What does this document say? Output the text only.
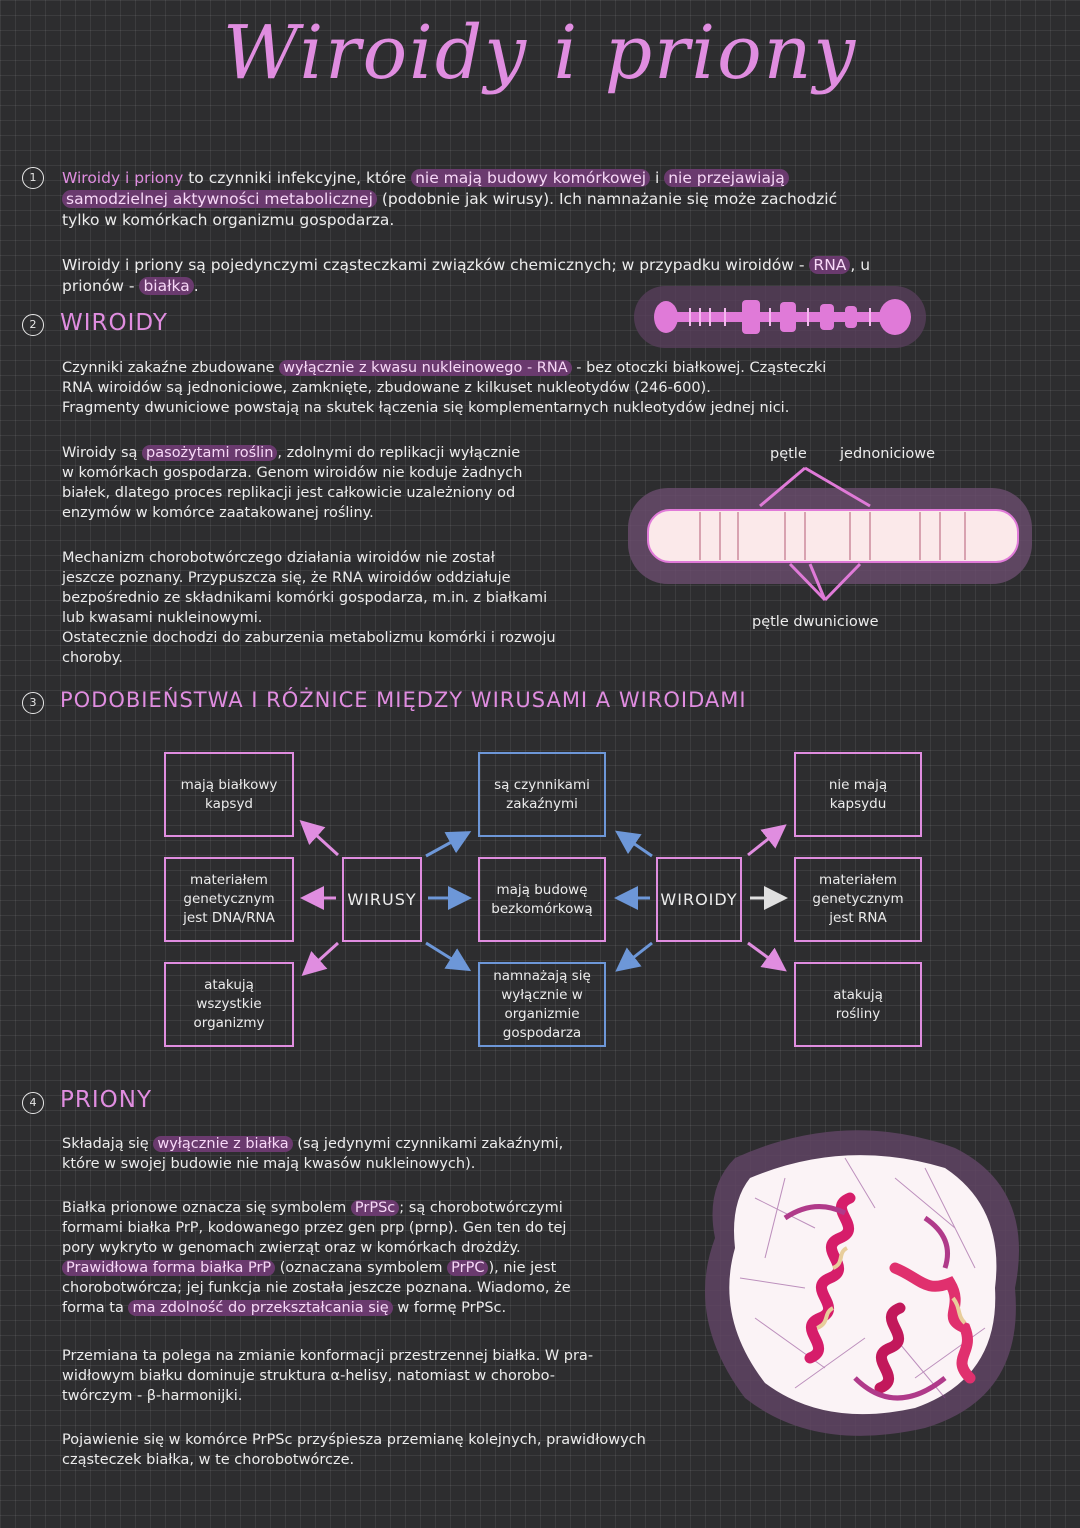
Wiroidy i priony
1	Wiroidy i priony to czynniki infekcyjne, które nie mają budowy komórkowej i nie przejawiają
samodzielnej aktywności metabolicznej (podobnie jak wirusy). Ich namnażanie się może zachodzić
tylko w komórkach organizmu gospodarza.
Wiroidy i priony są pojedynczymi cząsteczkami związków chemicznych; w przypadku wiroidów - RNA , u
prionów - białka .
2	WIROIDY
Czynniki zakaźne zbudowane wyłącznie z kwasu nukleinowego - RNA - bez otoczki białkowej. Cząsteczki
RNA wiroidów są jednoniciowe, zamknięte, zbudowane z kilkuset nukleotydów (246-600).
Fragmenty dwuniciowe powstają na skutek łączenia się komplementarnych nukleotydów jednej nici.
Wiroidy są pasożytami roślin , zdolnymi do replikacji wyłącznie
w komórkach gospodarza. Genom wiroidów nie koduje żadnych
białek, dlatego proces replikacji jest całkowicie uzależniony od
enzymów w komórce zaatakowanej rośliny.
Mechanizm chorobotwórczego działania wiroidów nie został
jeszcze poznany. Przypuszcza się, że RNA wiroidów oddziałuje
bezpośrednio ze składnikami komórki gospodarza, m.in. z białkami
lub kwasami nukleinowymi.
Ostatecznie dochodzi do zaburzenia metabolizmu komórki i rozwoju
choroby.
pętle jednoniciowe
pętle dwuniciowe
3	PODOBIEŃSTWA I RÓŻNICE MIĘDZY WIRUSAMI A WIROIDAMI
mają białkowy
kapsyd
materiałem
genetycznym
jest DNA/RNA
atakują wszystkie
organizmy
WIRUSY
są czynnikami
zakaźnymi
mają budowę
bezkomórkową
namnażają się
wyłącznie w
organizmie
gospodarza
WIROIDY
nie mają
kapsydu
materiałem
genetycznym
jest RNA
atakują
rośliny
4	PRIONY
Składają się wyłącznie z białka (są jedynymi czynnikami zakaźnymi,
które w swojej budowie nie mają kwasów nukleinowych).
Białka prionowe oznacza się symbolem PrPSc ; są chorobotwórczymi
formami białka PrP, kodowanego przez gen prp (prnp). Gen ten do tej
pory wykryto w genomach zwierząt oraz w komórkach drożdży.
Prawidłowa forma białka PrP (oznaczana symbolem PrPC ), nie jest
chorobotwórcza; jej funkcja nie została jeszcze poznana. Wiadomo, że
forma ta ma zdolność do przekształcania się w formę PrPSc.
Przemiana ta polega na zmianie konformacji przestrzennej białka. W pra-
widłowym białku dominuje struktura α-helisy, natomiast w chorobo-
twórczym - β-harmonijki.
Pojawienie się w komórce PrPSc przyśpiesza przemianę kolejnych, prawidłowych
cząsteczek białka, w te chorobotwórcze.
